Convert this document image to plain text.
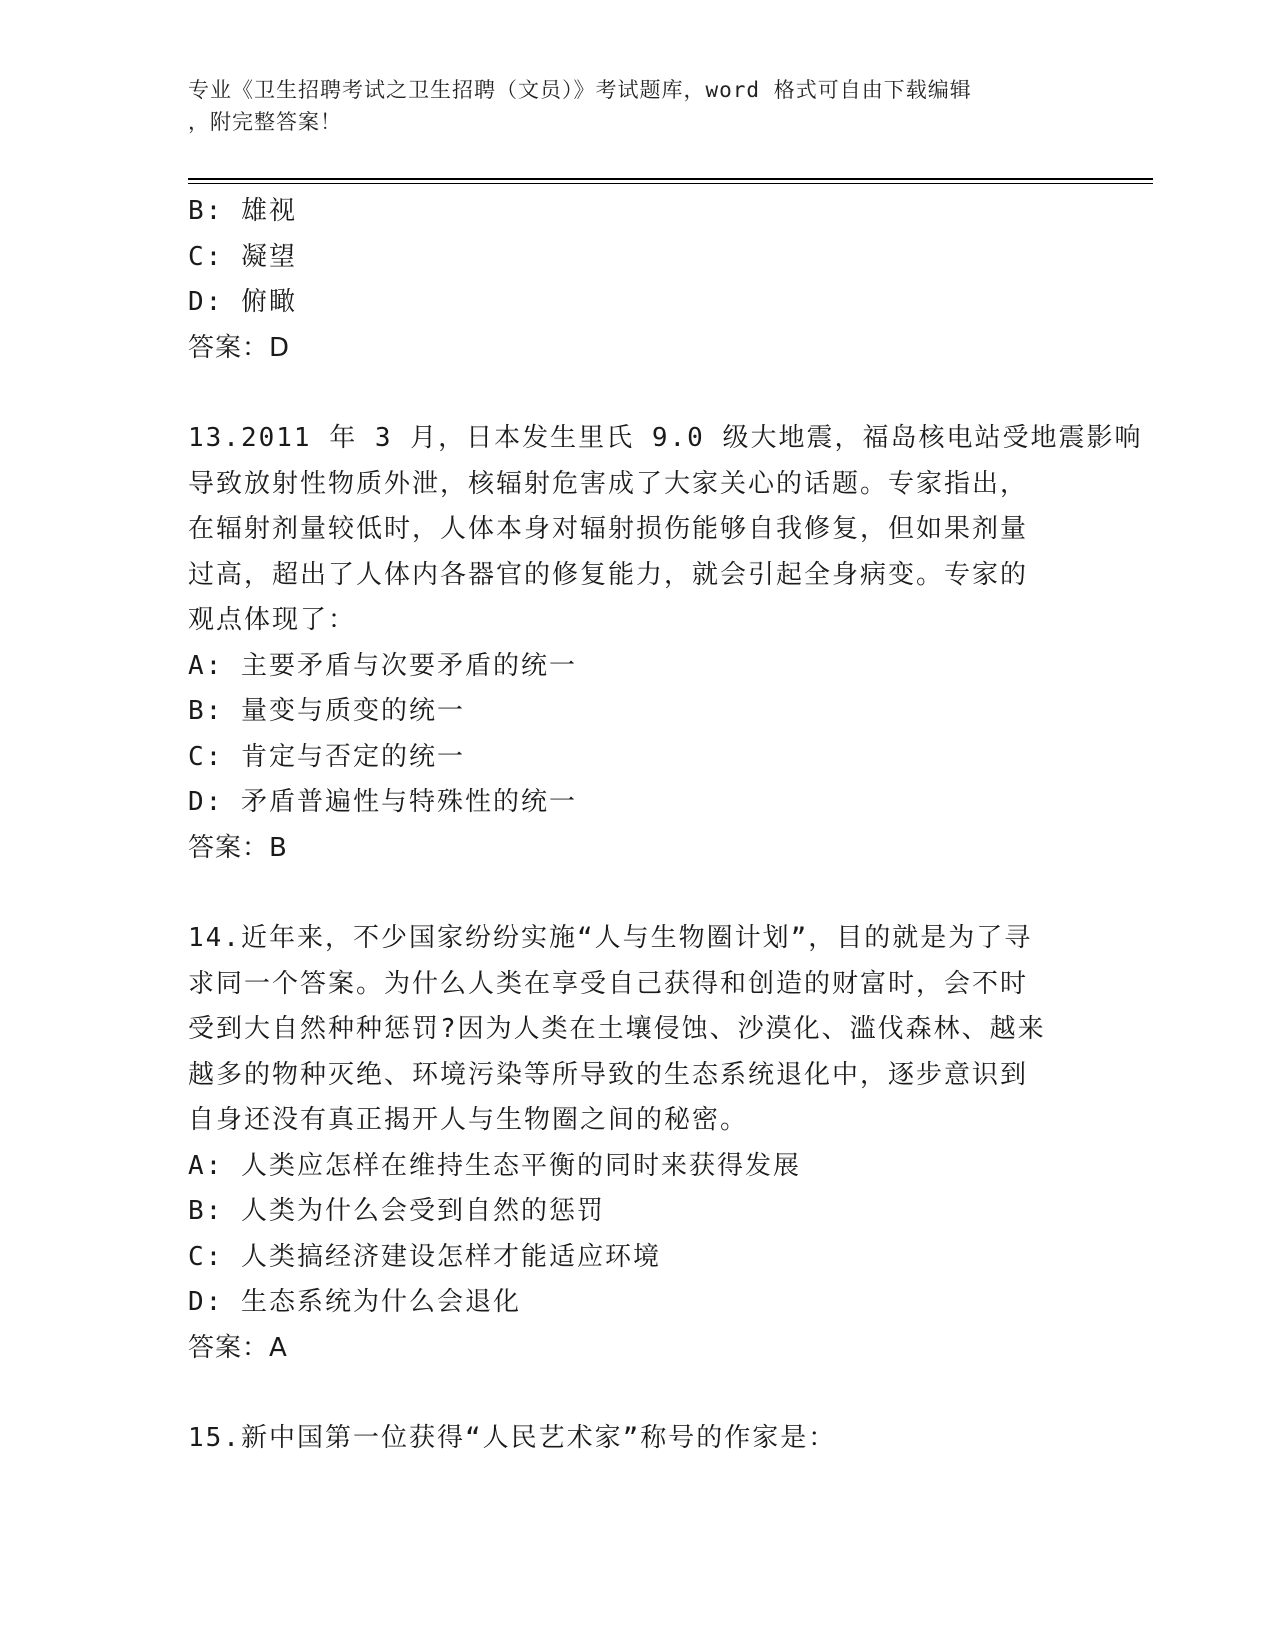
专业《卫生招聘考试之卫生招聘（文员）》考试题库，word 格式可自由下载编辑

，附完整答案！

B: 雄视
C: 凝望
D: 俯瞰
答案：D
13.2011 年 3 月，日本发生里氏 9.0 级大地震，福岛核电站受地震影响
导致放射性物质外泄，核辐射危害成了大家关心的话题。专家指出，
在辐射剂量较低时，人体本身对辐射损伤能够自我修复，但如果剂量
过高，超出了人体内各器官的修复能力，就会引起全身病变。专家的
观点体现了：
A: 主要矛盾与次要矛盾的统一
B: 量变与质变的统一
C: 肯定与否定的统一
D: 矛盾普遍性与特殊性的统一
答案：B
14.近年来，不少国家纷纷实施“人与生物圈计划”，目的就是为了寻
求同一个答案。为什么人类在享受自己获得和创造的财富时，会不时
受到大自然种种惩罚?因为人类在土壤侵蚀、沙漠化、滥伐森林、越来
越多的物种灭绝、环境污染等所导致的生态系统退化中，逐步意识到
自身还没有真正揭开人与生物圈之间的秘密。
A: 人类应怎样在维持生态平衡的同时来获得发展
B: 人类为什么会受到自然的惩罚
C: 人类搞经济建设怎样才能适应环境
D: 生态系统为什么会退化
答案：A
15.新中国第一位获得“人民艺术家”称号的作家是：
